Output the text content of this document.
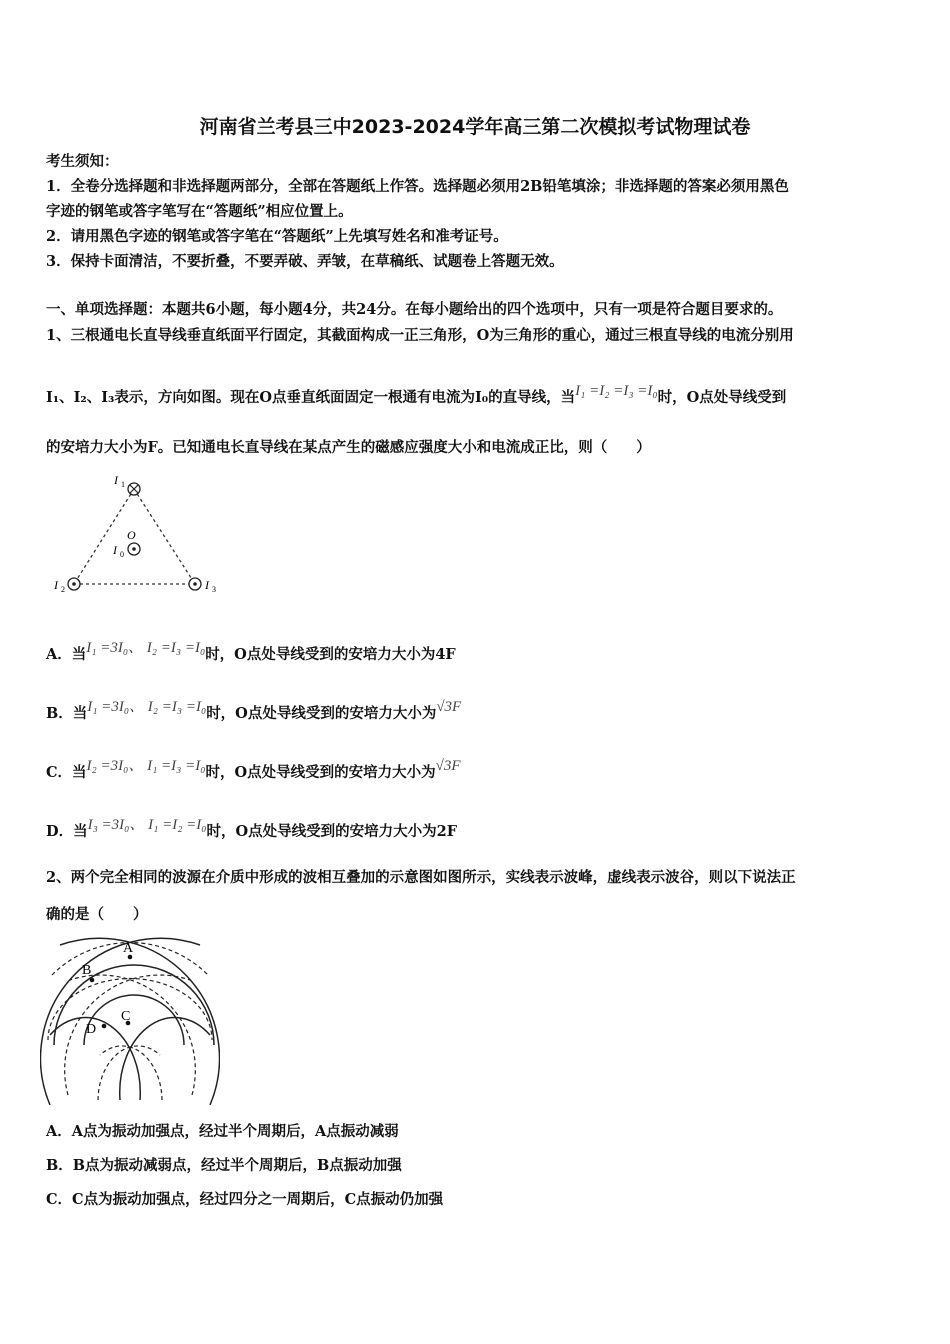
河南省兰考县三中2023-2024学年高三第二次模拟考试物理试卷
考生须知：
1．全卷分选择题和非选择题两部分，全部在答题纸上作答。选择题必须用2B铅笔填涂；非选择题的答案必须用黑色
字迹的钢笔或答字笔写在“答题纸”相应位置上。
2．请用黑色字迹的钢笔或答字笔在“答题纸”上先填写姓名和准考证号。
3．保持卡面清洁，不要折叠，不要弄破、弄皱，在草稿纸、试题卷上答题无效。
一、单项选择题：本题共6小题，每小题4分，共24分。在每小题给出的四个选项中，只有一项是符合题目要求的。
1、三根通电长直导线垂直纸面平行固定，其截面构成一正三角形，O为三角形的重心，通过三根直导线的电流分别用
I₁、I₂、I₃表示，方向如图。现在O点垂直纸面固定一根通有电流为I₀的直导线，当I₁ =I₂ =I₃ =I₀时，O点处导线受到
的安培力大小为F。已知通电长直导线在某点产生的磁感应强度大小和电流成正比，则（　　）
I 1
I 2	I 3
O
I 0
A．当I₁ =3I₀、 I₂ =I₃ =I₀时，O点处导线受到的安培力大小为4F
B．当I₁ =3I₀、 I₂ =I₃ =I₀时，O点处导线受到的安培力大小为√3F
C．当I₂ =3I₀、 I₁ =I₃ =I₀时，O点处导线受到的安培力大小为√3F
D．当I₃ =3I₀、 I₁ =I₂ =I₀时，O点处导线受到的安培力大小为2F
2、两个完全相同的波源在介质中形成的波相互叠加的示意图如图所示，实线表示波峰，虚线表示波谷，则以下说法正
确的是（　　）
A
B
C
D
A．A点为振动加强点，经过半个周期后，A点振动减弱
B．B点为振动减弱点，经过半个周期后，B点振动加强
C．C点为振动加强点，经过四分之一周期后，C点振动仍加强
